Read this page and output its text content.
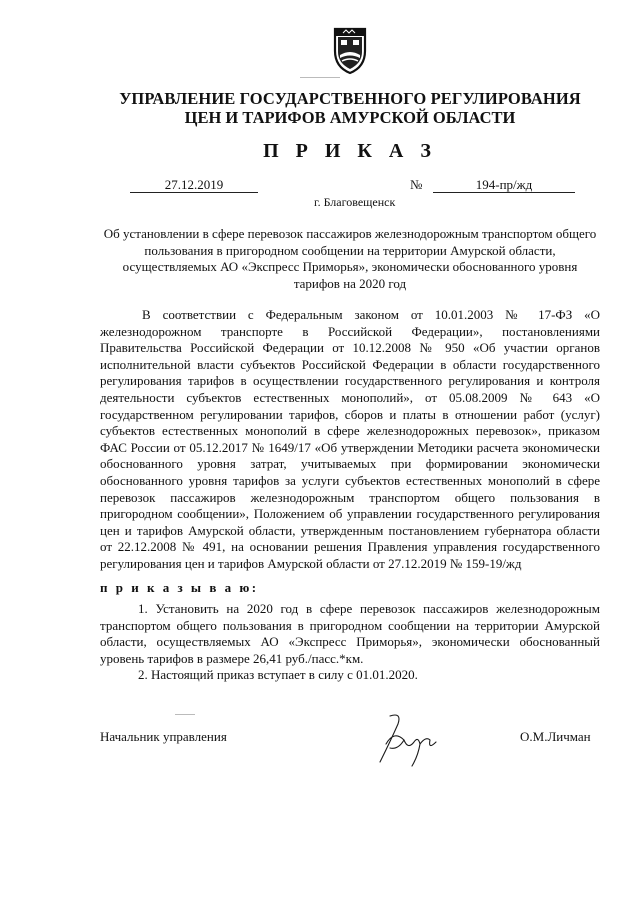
УПРАВЛЕНИЕ ГОСУДАРСТВЕННОГО РЕГУЛИРОВАНИЯ
ЦЕН И ТАРИФОВ АМУРСКОЙ ОБЛАСТИ
П Р И К А З
27.12.2019	№	194-пр/жд
г. Благовещенск
Об установлении в сфере перевозок пассажиров железнодорожным транспортом общего пользования в пригородном сообщении на территории Амурской области, осуществляемых АО «Экспресс Приморья», экономически обоснованного уровня тарифов на 2020 год

В соответствии с Федеральным законом от 10.01.2003 № 17-ФЗ «О железнодорожном транспорте в Российской Федерации», постановлениями Правительства Российской Федерации от 10.12.2008 № 950 «Об участии органов исполнительной власти субъектов Российской Федерации в области государственного регулирования тарифов в осуществлении государственного регулирования и контроля деятельности субъектов естественных монополий», от 05.08.2009 № 643 «О государственном регулировании тарифов, сборов и платы в отношении работ (услуг) субъектов естественных монополий в сфере железнодорожных перевозок», приказом ФАС России от 05.12.2017 № 1649/17 «Об утверждении Методики расчета экономически обоснованного уровня затрат, учитываемых при формировании экономически обоснованного уровня тарифов за услуги субъектов естественных монополий в сфере перевозок пассажиров железнодорожным транспортом общего пользования в пригородном сообщении», Положением об управлении государственного регулирования цен и тарифов Амурской области, утвержденным постановлением губернатора области от 22.12.2008 № 491, на основании решения Правления управления государственного регулирования цен и тарифов Амурской области от 27.12.2019 № 159-19/жд

п р и к а з ы в а ю:

1. Установить на 2020 год в сфере перевозок пассажиров железнодорожным транспортом общего пользования в пригородном сообщении на территории Амурской области, осуществляемых АО «Экспресс Приморья», экономически обоснованный уровень тарифов в размере 26,41 руб./пасс.*км.

2. Настоящий приказ вступает в силу с 01.01.2020.

Начальник управления	О.М.Личман
